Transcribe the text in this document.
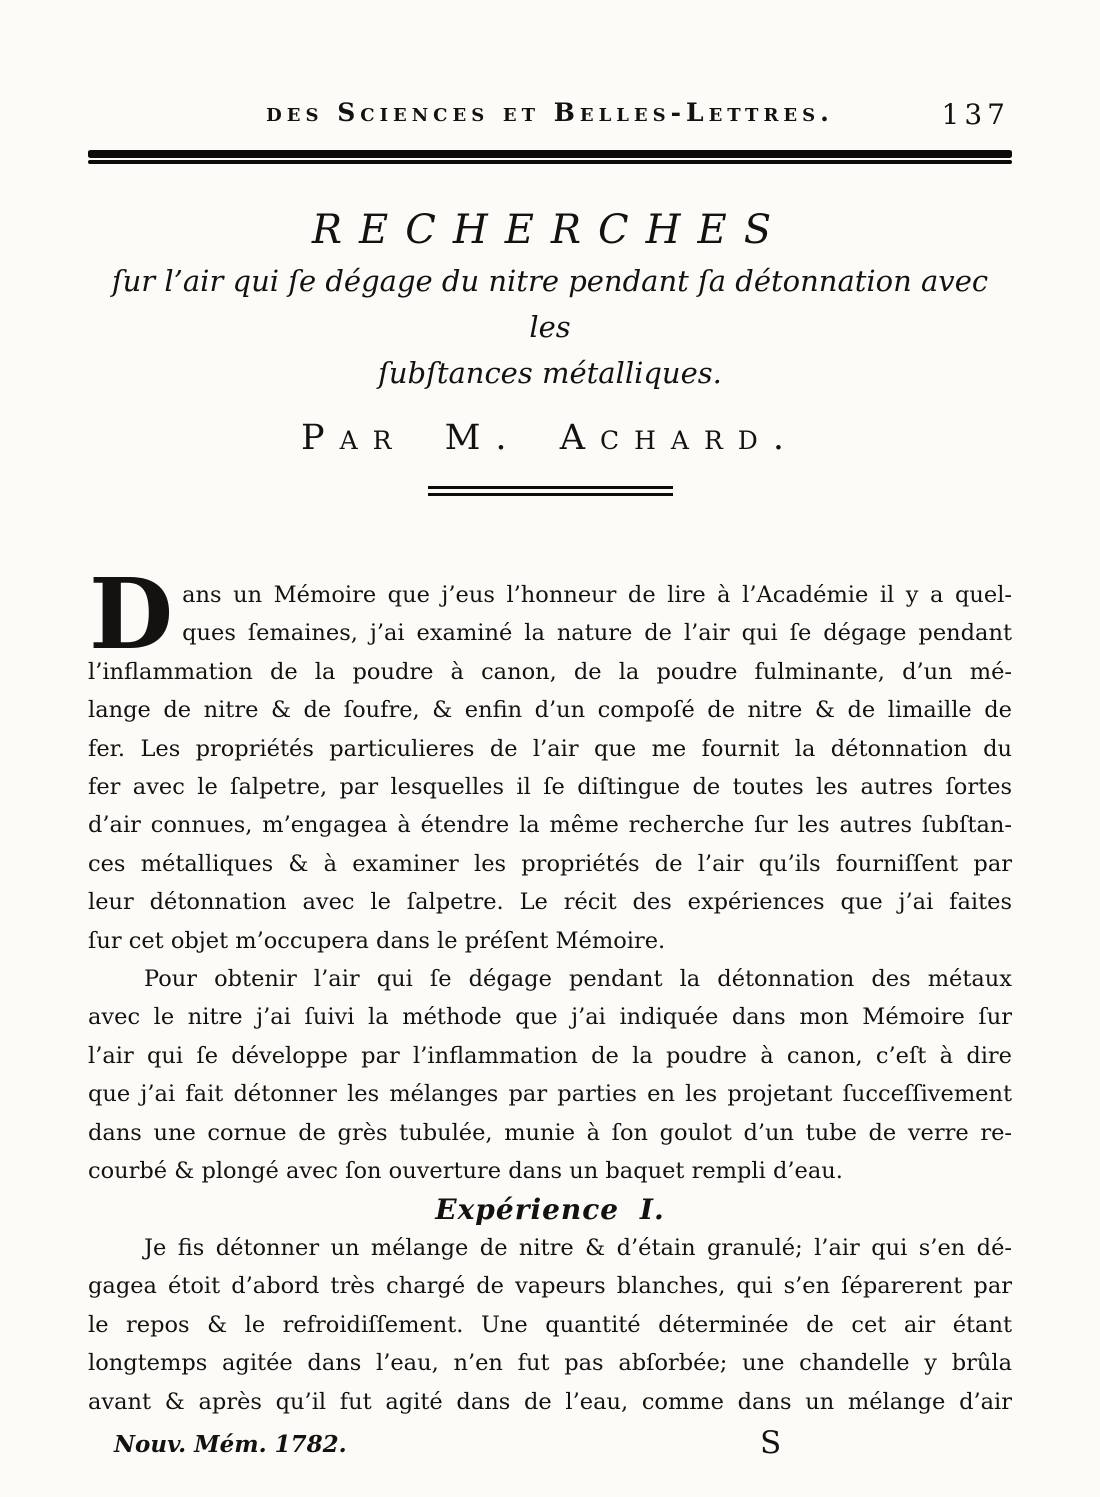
des Sciences et Belles-Lettres.	137
RECHERCHES
ſur l’air qui ſe dégage du nitre pendant ſa détonnation avec les
ſubſtances métalliques.
Par M. Achard.
D ans un Mémoire que j’eus l’honneur de lire à l’Académie il y a quel-
ques ſemaines, j’ai examiné la nature de l’air qui ſe dégage pendant
l’inflammation de la poudre à canon, de la poudre fulminante, d’un mé-
lange de nitre & de ſoufre, & enfin d’un compoſé de nitre & de limaille de
fer. Les propriétés particulieres de l’air que me fournit la détonnation du
fer avec le ſalpetre, par lesquelles il ſe diſtingue de toutes les autres ſortes
d’air connues, m’engagea à étendre la même recherche ſur les autres ſubſtan-
ces métalliques & à examiner les propriétés de l’air qu’ils fourniſſent par
leur détonnation avec le ſalpetre. Le récit des expériences que j’ai faites
ſur cet objet m’occupera dans le préſent Mémoire.
Pour obtenir l’air qui ſe dégage pendant la détonnation des métaux
avec le nitre j’ai ſuivi la méthode que j’ai indiquée dans mon Mémoire ſur
l’air qui ſe développe par l’inflammation de la poudre à canon, c’eſt à dire
que j’ai fait détonner les mélanges par parties en les projetant ſucceſſivement
dans une cornue de grès tubulée, munie à ſon goulot d’un tube de verre re-
courbé & plongé avec ſon ouverture dans un baquet rempli d’eau.
Expérience I.
Je fis détonner un mélange de nitre & d’étain granulé; l’air qui s’en dé-
gagea étoit d’abord très chargé de vapeurs blanches, qui s’en ſéparerent par
le repos & le refroidiſſement. Une quantité déterminée de cet air étant
longtemps agitée dans l’eau, n’en fut pas abſorbée; une chandelle y brûla
avant & après qu’il fut agité dans de l’eau, comme dans un mélange d’air
Nouv. Mém. 1782.	S
